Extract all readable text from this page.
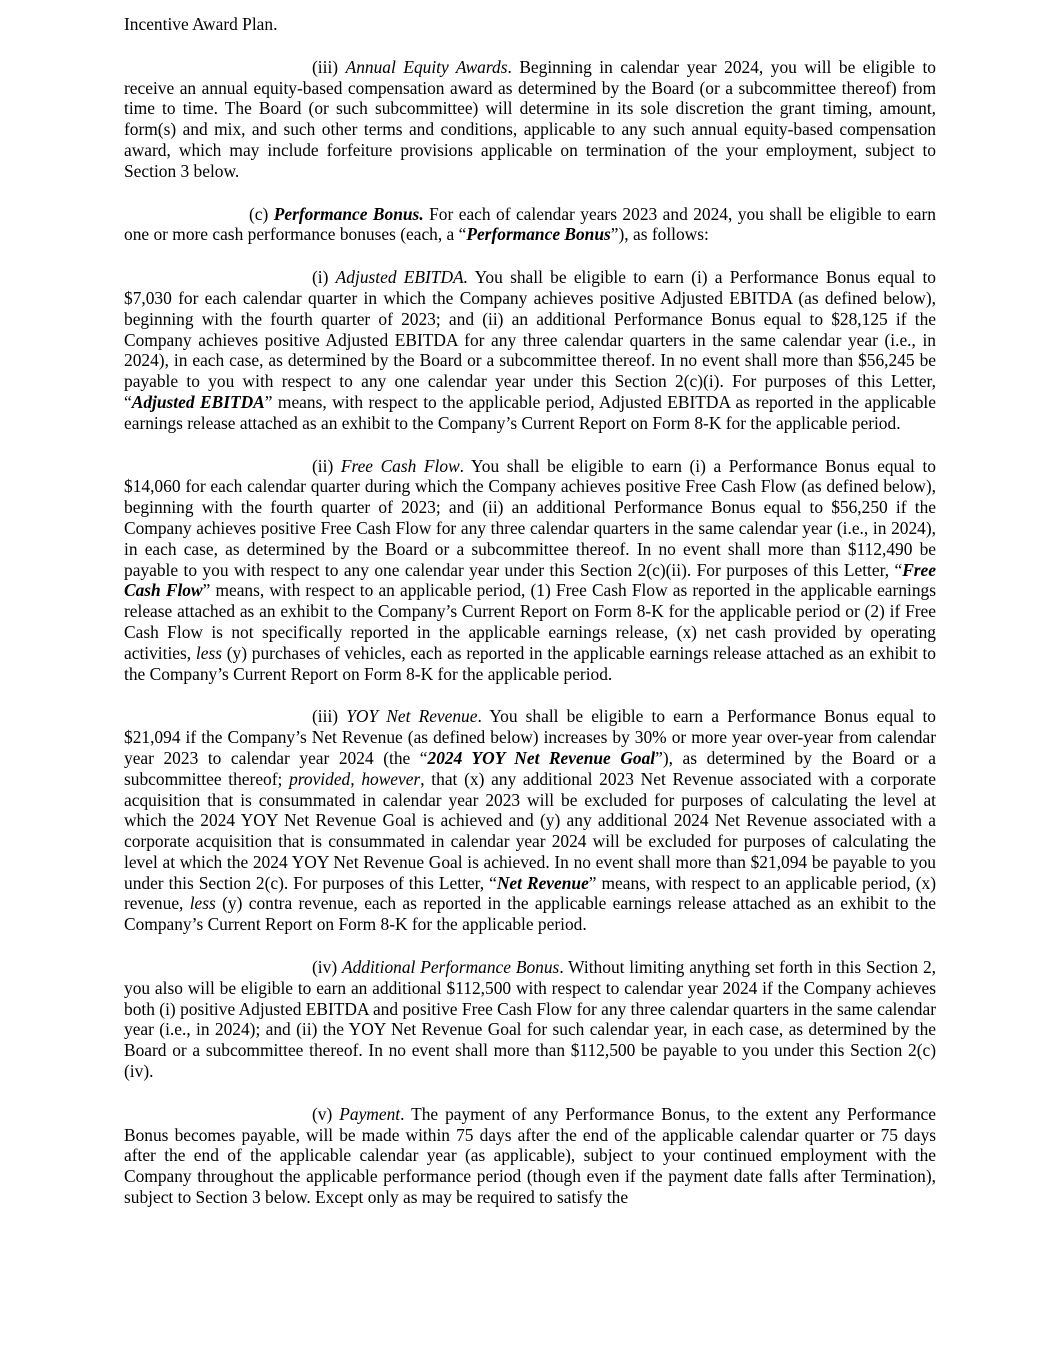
Incentive Award Plan.

(iii) Annual Equity Awards. Beginning in calendar year 2024, you will be eligible to receive an annual equity-based compensation award as determined by the Board (or a subcommittee thereof) from time to time. The Board (or such subcommittee) will determine in its sole discretion the grant timing, amount, form(s) and mix, and such other terms and conditions, applicable to any such annual equity-based compensation award, which may include forfeiture provisions applicable on termination of the your employment, subject to Section 3 below.

(c) Performance Bonus. For each of calendar years 2023 and 2024, you shall be eligible to earn one or more cash performance bonuses (each, a “Performance Bonus”), as follows:

(i) Adjusted EBITDA. You shall be eligible to earn (i) a Performance Bonus equal to $7,030 for each calendar quarter in which the Company achieves positive Adjusted EBITDA (as defined below), beginning with the fourth quarter of 2023; and (ii) an additional Performance Bonus equal to $28,125 if the Company achieves positive Adjusted EBITDA for any three calendar quarters in the same calendar year (i.e., in 2024), in each case, as determined by the Board or a subcommittee thereof. In no event shall more than $56,245 be payable to you with respect to any one calendar year under this Section 2(c)(i). For purposes of this Letter, “Adjusted EBITDA” means, with respect to the applicable period, Adjusted EBITDA as reported in the applicable earnings release attached as an exhibit to the Company’s Current Report on Form 8-K for the applicable period.

(ii) Free Cash Flow. You shall be eligible to earn (i) a Performance Bonus equal to $14,060 for each calendar quarter during which the Company achieves positive Free Cash Flow (as defined below), beginning with the fourth quarter of 2023; and (ii) an additional Performance Bonus equal to $56,250 if the Company achieves positive Free Cash Flow for any three calendar quarters in the same calendar year (i.e., in 2024), in each case, as determined by the Board or a subcommittee thereof. In no event shall more than $112,490 be payable to you with respect to any one calendar year under this Section 2(c)(ii). For purposes of this Letter, “Free Cash Flow” means, with respect to an applicable period, (1) Free Cash Flow as reported in the applicable earnings release attached as an exhibit to the Company’s Current Report on Form 8-K for the applicable period or (2) if Free Cash Flow is not specifically reported in the applicable earnings release, (x) net cash provided by operating activities, less (y) purchases of vehicles, each as reported in the applicable earnings release attached as an exhibit to the Company’s Current Report on Form 8-K for the applicable period.

(iii) YOY Net Revenue. You shall be eligible to earn a Performance Bonus equal to $21,094 if the Company’s Net Revenue (as defined below) increases by 30% or more year over-year from calendar year 2023 to calendar year 2024 (the “2024 YOY Net Revenue Goal”), as determined by the Board or a subcommittee thereof; provided, however, that (x) any additional 2023 Net Revenue associated with a corporate acquisition that is consummated in calendar year 2023 will be excluded for purposes of calculating the level at which the 2024 YOY Net Revenue Goal is achieved and (y) any additional 2024 Net Revenue associated with a corporate acquisition that is consummated in calendar year 2024 will be excluded for purposes of calculating the level at which the 2024 YOY Net Revenue Goal is achieved. In no event shall more than $21,094 be payable to you under this Section 2(c). For purposes of this Letter, “Net Revenue” means, with respect to an applicable period, (x) revenue, less (y) contra revenue, each as reported in the applicable earnings release attached as an exhibit to the Company’s Current Report on Form 8-K for the applicable period.

(iv) Additional Performance Bonus. Without limiting anything set forth in this Section 2, you also will be eligible to earn an additional $112,500 with respect to calendar year 2024 if the Company achieves both (i) positive Adjusted EBITDA and positive Free Cash Flow for any three calendar quarters in the same calendar year (i.e., in 2024); and (ii) the YOY Net Revenue Goal for such calendar year, in each case, as determined by the Board or a subcommittee thereof. In no event shall more than $112,500 be payable to you under this Section 2(c)(iv).

(v) Payment. The payment of any Performance Bonus, to the extent any Performance Bonus becomes payable, will be made within 75 days after the end of the applicable calendar quarter or 75 days after the end of the applicable calendar year (as applicable), subject to your continued employment with the Company throughout the applicable performance period (though even if the payment date falls after Termination), subject to Section 3 below. Except only as may be required to satisfy the
